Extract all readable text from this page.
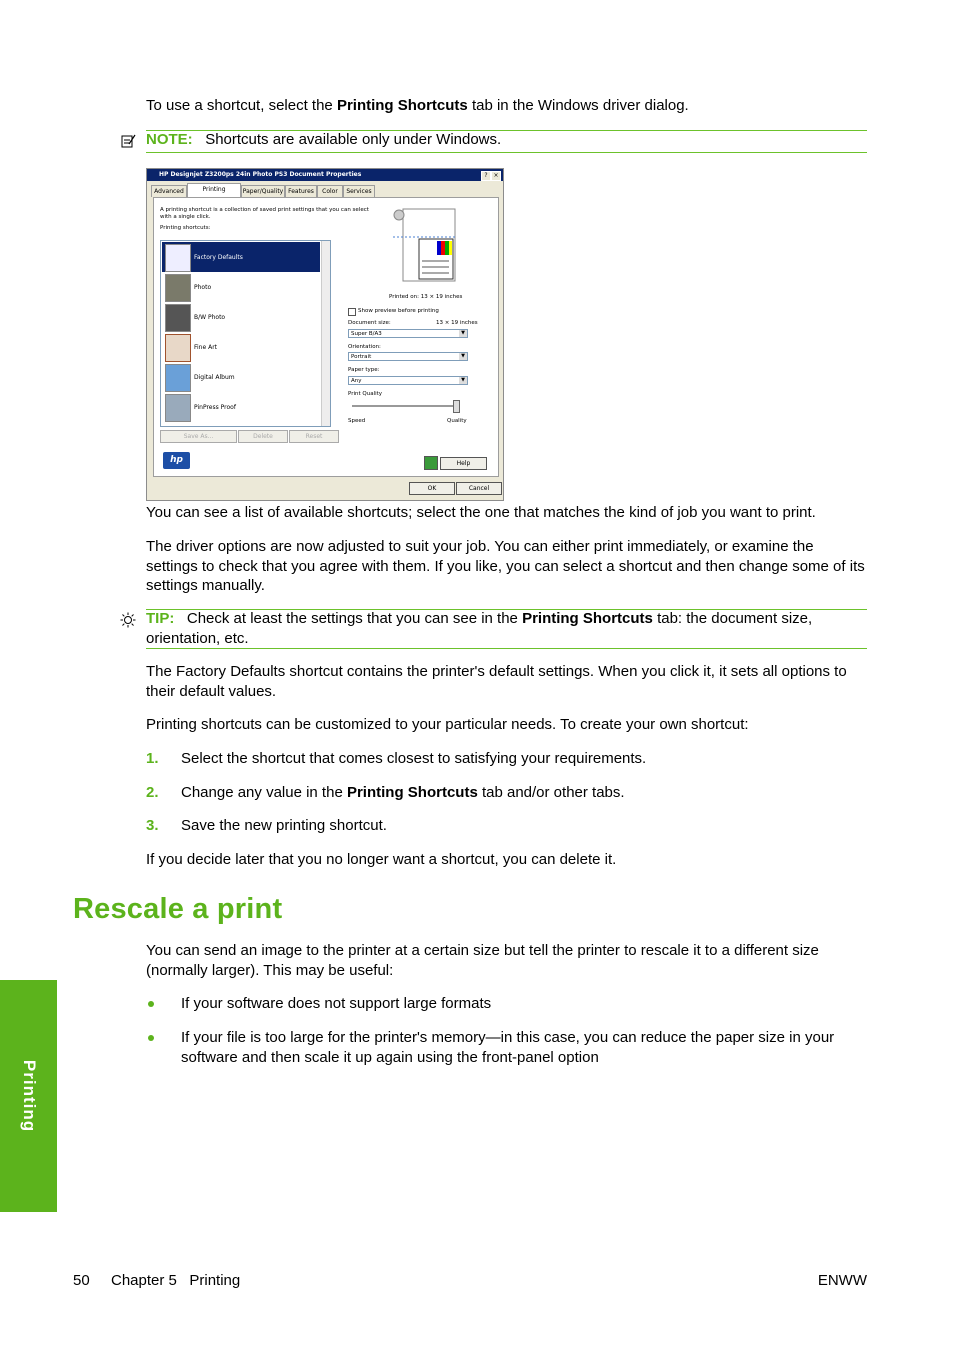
To use a shortcut, select the Printing Shortcuts tab in the Windows driver dialog.

NOTE: Shortcuts are available only under Windows.

HP Designjet Z3200ps 24in Photo PS3 Document Properties	? ×
Advanced	Printing	Paper/Quality Features	Color	Services
A printing shortcut is a collection of saved print settings that you can select with a single click.
Printing shortcuts:
Factory Defaults
Photo
B/W Photo
Fine Art
Digital Album
PinPress Proof
Save As...	Delete	Reset
Printed on: 13 × 19 inches
Show preview before printing
Document size:	13 × 19 inches
Super B/A3	▼
Orientation:
Portrait	▼
Paper type:
Any	▼
Print Quality
Speed	Quality
hp	Help
OK	Cancel

You can see a list of available shortcuts; select the one that matches the kind of job you want to print.

The driver options are now adjusted to suit your job. You can either print immediately, or examine the settings to check that you agree with them. If you like, you can select a shortcut and then change some of its settings manually.

TIP: Check at least the settings that you can see in the Printing Shortcuts tab: the document size, orientation, etc.

The Factory Defaults shortcut contains the printer's default settings. When you click it, it sets all options to their default values.

Printing shortcuts can be customized to your particular needs. To create your own shortcut:

1. Select the shortcut that comes closest to satisfying your requirements.

2. Change any value in the Printing Shortcuts tab and/or other tabs.

3. Save the new printing shortcut.

If you decide later that you no longer want a shortcut, you can delete it.

Rescale a print

You can send an image to the printer at a certain size but tell the printer to rescale it to a different size (normally larger). This may be useful:

If your software does not support large formats

If your file is too large for the printer's memory—in this case, you can reduce the paper size in your software and then scale it up again using the front-panel option

Printing
50 Chapter 5   Printing	ENWW
